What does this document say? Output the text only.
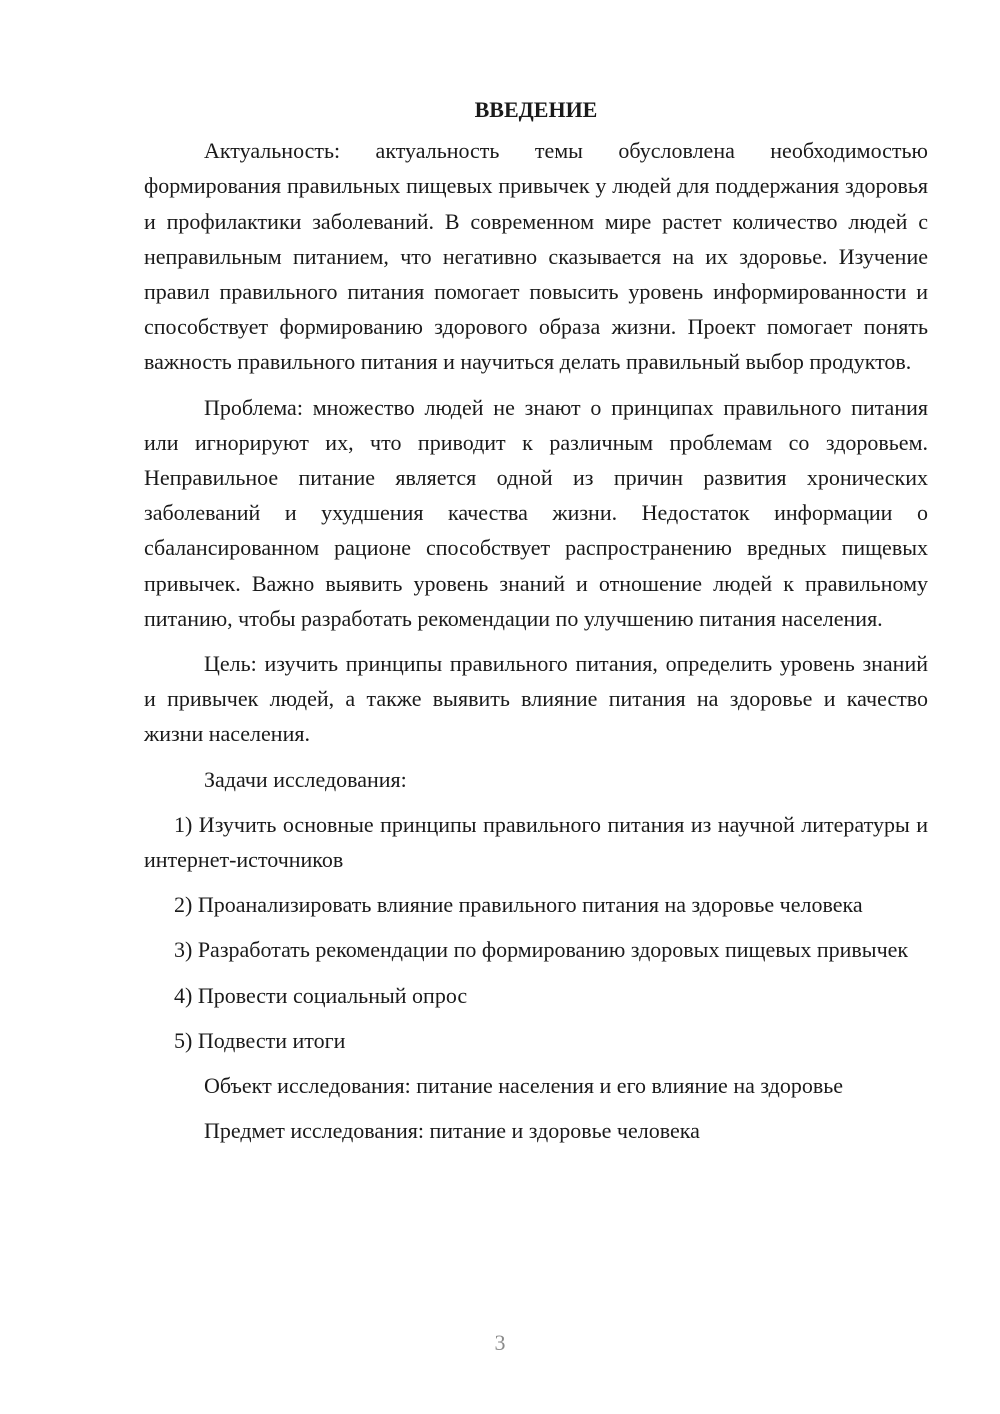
ВВЕДЕНИЕ

Актуальность: актуальность темы обусловлена необходимостью формирования правильных пищевых привычек у людей для поддержания здоровья и профилактики заболеваний. В современном мире растет количество людей с неправильным питанием, что негативно сказывается на их здоровье. Изучение правил правильного питания помогает повысить уровень информированности и способствует формированию здорового образа жизни. Проект помогает понять важность правильного питания и научиться делать правильный выбор продуктов.

Проблема: множество людей не знают о принципах правильного питания или игнорируют их, что приводит к различным проблемам со здоровьем. Неправильное питание является одной из причин развития хронических заболеваний и ухудшения качества жизни. Недостаток информации о сбалансированном рационе способствует распространению вредных пищевых привычек. Важно выявить уровень знаний и отношение людей к правильному питанию, чтобы разработать рекомендации по улучшению питания населения.

Цель: изучить принципы правильного питания, определить уровень знаний и привычек людей, а также выявить влияние питания на здоровье и качество жизни населения.

Задачи исследования:

1) Изучить основные принципы правильного питания из научной литературы и интернет-источников

2) Проанализировать влияние правильного питания на здоровье человека

3) Разработать рекомендации по формированию здоровых пищевых привычек

4) Провести социальный опрос

5) Подвести итоги

Объект исследования: питание населения и его влияние на здоровье

Предмет исследования: питание и здоровье человека

3
